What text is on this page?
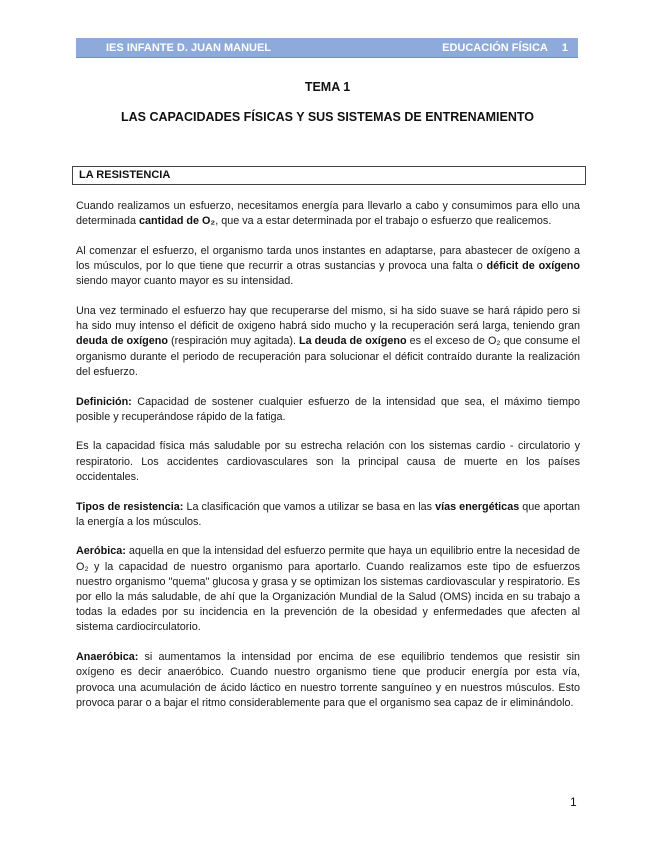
IES INFANTE D. JUAN MANUEL	EDUCACIÓN FÍSICA 1
TEMA 1
LAS CAPACIDADES FÍSICAS Y SUS SISTEMAS DE ENTRENAMIENTO
LA RESISTENCIA

Cuando realizamos un esfuerzo, necesitamos energía para llevarlo a cabo y consumimos para ello una determinada cantidad de O₂, que va a estar determinada por el trabajo o esfuerzo que realicemos.

Al comenzar el esfuerzo, el organismo tarda unos instantes en adaptarse, para abastecer de oxígeno a los músculos, por lo que tiene que recurrir a otras sustancias y provoca una falta o déficit de oxígeno siendo mayor cuanto mayor es su intensidad.

Una vez terminado el esfuerzo hay que recuperarse del mismo, si ha sido suave se hará rápido pero si ha sido muy intenso el déficit de oxigeno habrá sido mucho y la recuperación será larga, teniendo gran deuda de oxígeno (respiración muy agitada). La deuda de oxígeno es el exceso de O₂ que consume el organismo durante el periodo de recuperación para solucionar el déficit contraído durante la realización del esfuerzo.

Definición: Capacidad de sostener cualquier esfuerzo de la intensidad que sea, el máximo tiempo posible y recuperándose rápido de la fatiga.

Es la capacidad física más saludable por su estrecha relación con los sistemas cardio - circulatorio y respiratorio. Los accidentes cardiovasculares son la principal causa de muerte en los países occidentales.

Tipos de resistencia: La clasificación que vamos a utilizar se basa en las vías energéticas que aportan la energía a los músculos.

Aeróbica: aquella en que la intensidad del esfuerzo permite que haya un equilibrio entre la necesidad de O₂ y la capacidad de nuestro organismo para aportarlo. Cuando realizamos este tipo de esfuerzos nuestro organismo "quema" glucosa y grasa y se optimizan los sistemas cardiovascular y respiratorio. Es por ello la más saludable, de ahí que la Organización Mundial de la Salud (OMS) incida en su trabajo a todas la edades por su incidencia en la prevención de la obesidad y enfermedades que afecten al sistema cardiocirculatorio.

Anaeróbica: si aumentamos la intensidad por encima de ese equilibrio tendemos que resistir sin oxígeno es decir anaeróbico. Cuando nuestro organismo tiene que producir energía por esta vía, provoca una acumulación de ácido láctico en nuestro torrente sanguíneo y en nuestros músculos. Esto provoca parar o a bajar el ritmo considerablemente para que el organismo sea capaz de ir eliminándolo.

1
